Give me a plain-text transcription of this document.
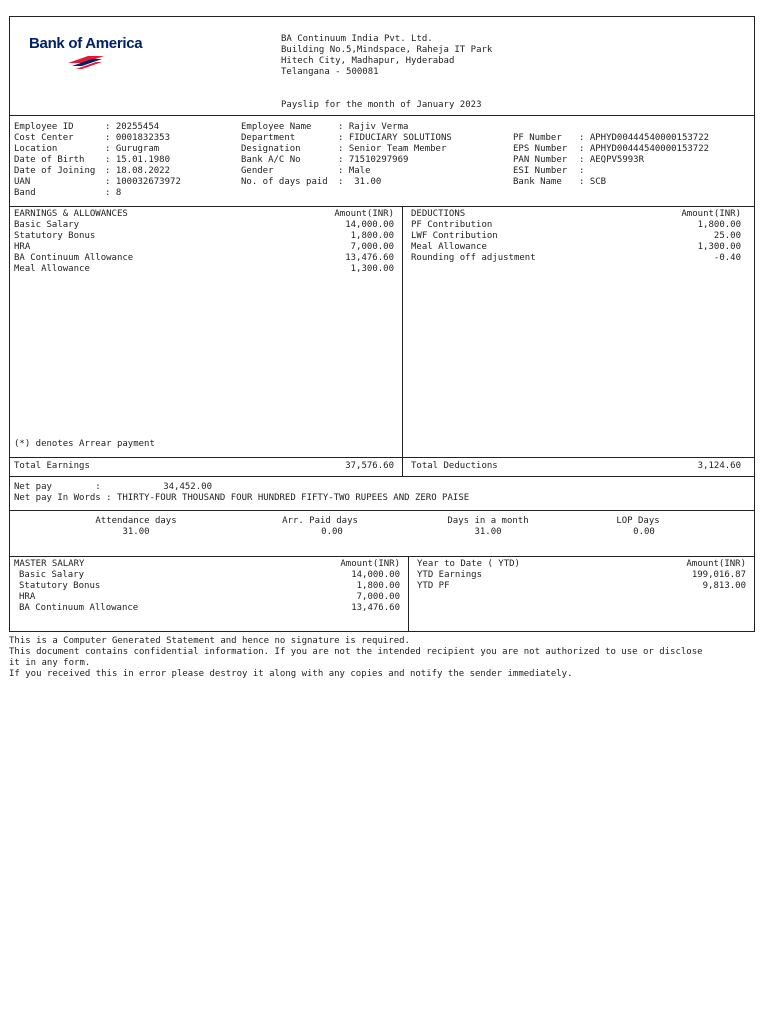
Bank of America	BA Continuum India Pvt. Ltd.
Building No.5,Mindspace, Raheja IT Park
Hitech City, Madhapur, Hyderabad
Telangana - 500081
Payslip for the month of January 2023
Employee ID : 20255454
Cost Center : 0001832353
Location : Gurugram
Date of Birth : 15.01.1980
Date of Joining : 18.08.2022
UAN : 100032673972
Band : 8
Employee Name : Rajiv Verma
Department : FIDUCIARY SOLUTIONS
Designation : Senior Team Member
Bank A/C No : 71510297969
Gender : Male
No. of days paid :  31.00
PF Number : APHYD00444540000153722
EPS Number : APHYD00444540000153722
PAN Number : AEQPV5993R
ESI Number :
Bank Name : SCB
EARNINGS & ALLOWANCES	Amount(INR)
Basic Salary	14,000.00
Statutory Bonus	1,800.00
HRA	7,000.00
BA Continuum Allowance	13,476.60
Meal Allowance	1,300.00
(*) denotes Arrear payment
DEDUCTIONS	Amount(INR)
PF Contribution	1,800.00
LWF Contribution	25.00
Meal Allowance	1,300.00
Rounding off adjustment	-0.40
Total Earnings	37,576.60 Total Deductions	3,124.60
Net pay        :	34,452.00
Net pay In Words : THIRTY-FOUR THOUSAND FOUR HUNDRED FIFTY-TWO RUPEES AND ZERO PAISE
Attendance days
31.00
Arr. Paid days
0.00
Days in a month
31.00
LOP Days
0.00
MASTER SALARY	Amount(INR)
Basic Salary	14,000.00
Statutory Bonus	1,800.00
HRA	7,000.00
BA Continuum Allowance	13,476.60
Year to Date ( YTD)	Amount(INR)
YTD Earnings	199,016.87
YTD PF	9,813.00
This is a Computer Generated Statement and hence no signature is required.
This document contains confidential information. If you are not the intended recipient you are not authorized to use or disclose
it in any form.
If you received this in error please destroy it along with any copies and notify the sender immediately.
